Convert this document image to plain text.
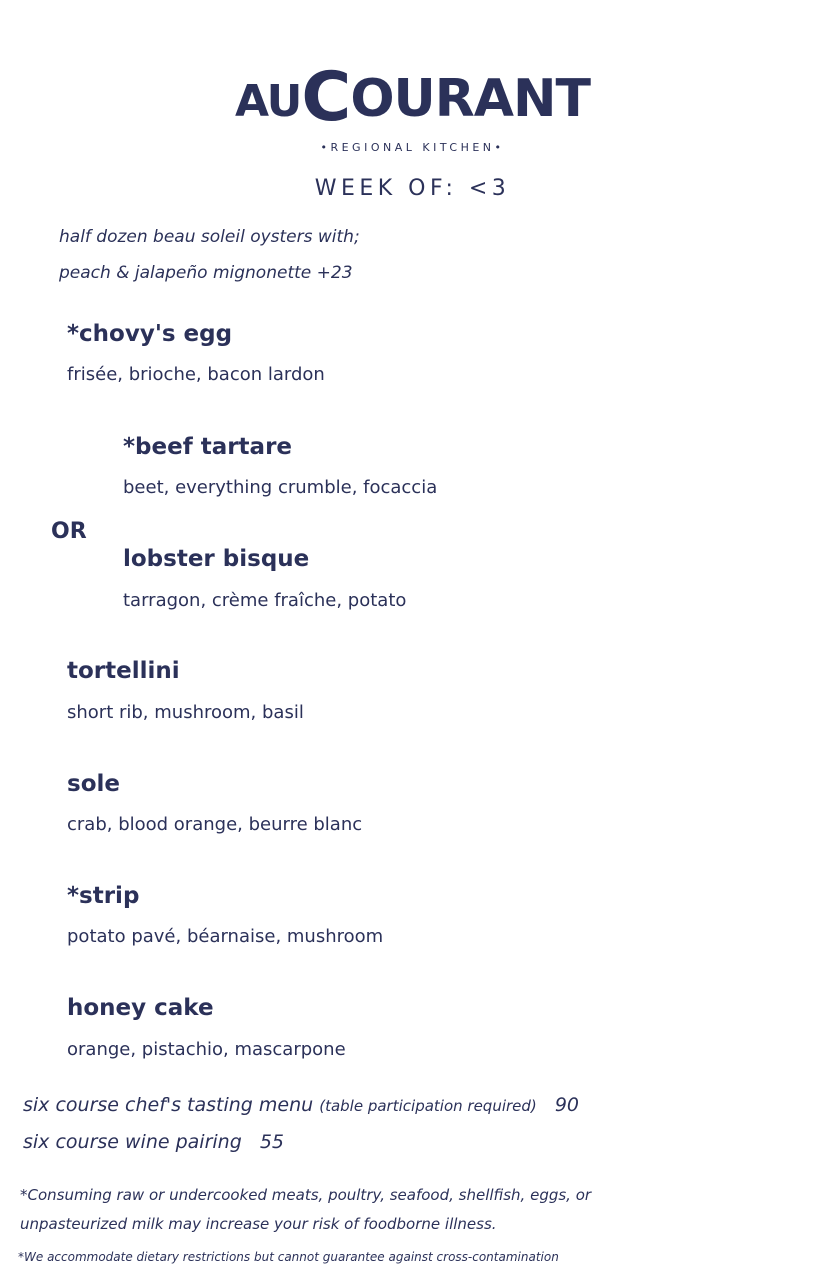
AUCOURANT
•REGIONAL KITCHEN•
WEEK OF: <3
half dozen beau soleil oysters with;
peach & jalapeño mignonette +23
*chovy's egg
frisée, brioche, bacon lardon
*beef tartare
beet, everything crumble, focaccia
OR
lobster bisque
tarragon, crème fraîche, potato
tortellini
short rib, mushroom, basil
sole
crab, blood orange, beurre blanc
*strip
potato pavé, béarnaise, mushroom
honey cake
orange, pistachio, mascarpone
six course chef's tasting menu (table participation required) 90
six course wine pairing 55
*Consuming raw or undercooked meats, poultry, seafood, shellfish, eggs, or
unpasteurized milk may increase your risk of foodborne illness.
*We accommodate dietary restrictions but cannot guarantee against cross-contamination
